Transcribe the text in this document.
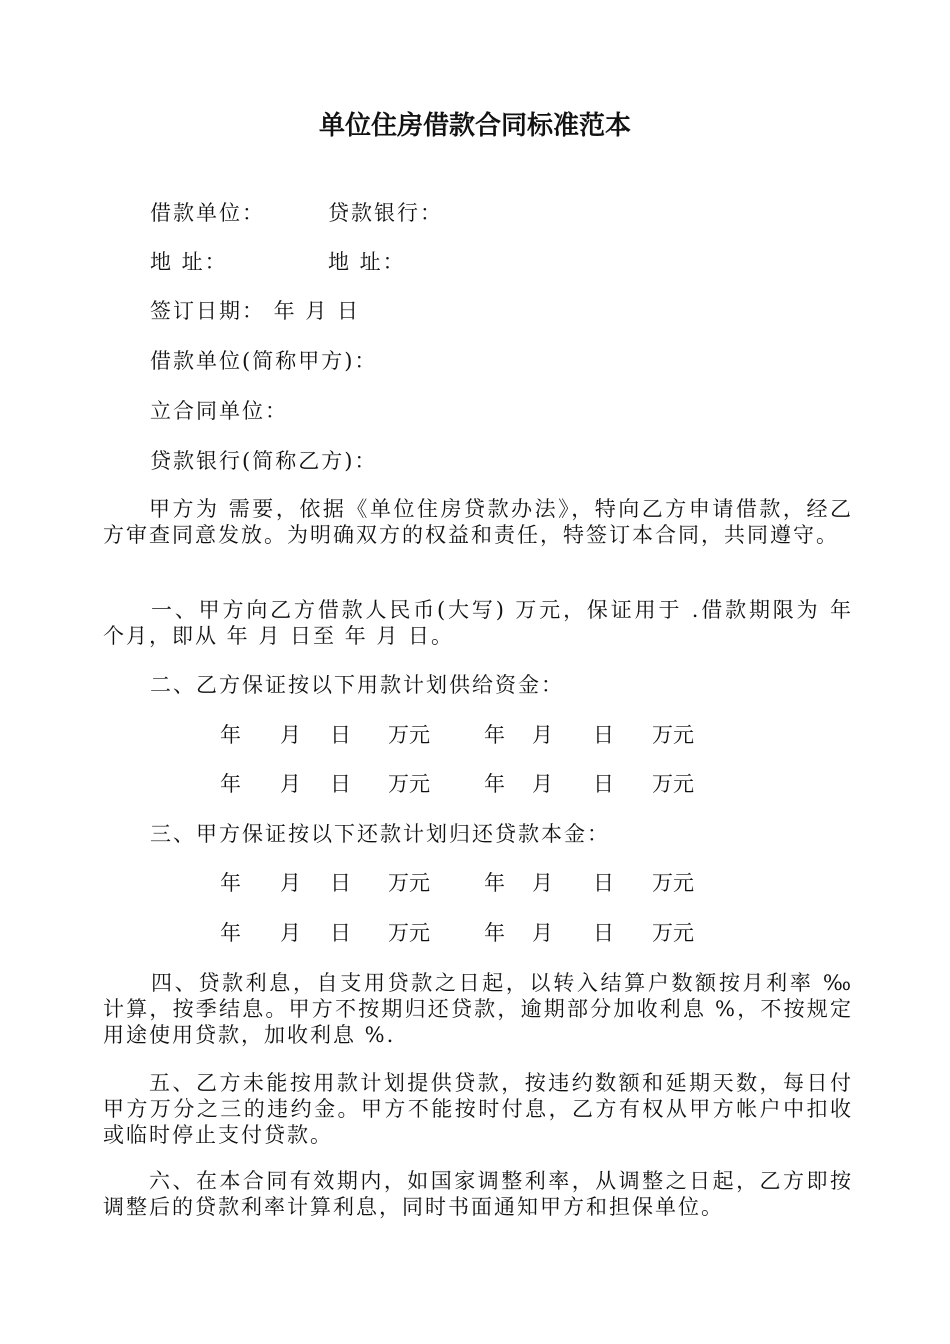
单位住房借款合同标准范本
借款单位：	贷款银行：
地 址：	地 址：
签订日期： 年 月 日
借款单位(简称甲方)：
立合同单位：
贷款银行(简称乙方)：
甲方为 需要，依据《单位住房贷款办法》，特向乙方申请借款，经乙方审查同意发放。为明确双方的权益和责任，特签订本合同，共同遵守。
一、甲方向乙方借款人民币(大写) 万元，保证用于 .借款期限为 年 个月，即从 年 月 日至 年 月 日。
二、乙方保证按以下用款计划供给资金：
年 月 日 万元	年 月 日 万元
年 月 日 万元	年 月 日 万元
三、甲方保证按以下还款计划归还贷款本金：
年 月 日 万元	年 月 日 万元
年 月 日 万元	年 月 日 万元
四、贷款利息，自支用贷款之日起，以转入结算户数额按月利率 ‰计算，按季结息。甲方不按期归还贷款，逾期部分加收利息 %，不按规定用途使用贷款，加收利息 %.
五、乙方未能按用款计划提供贷款，按违约数额和延期天数，每日付甲方万分之三的违约金。甲方不能按时付息，乙方有权从甲方帐户中扣收或临时停止支付贷款。
六、在本合同有效期内，如国家调整利率，从调整之日起，乙方即按调整后的贷款利率计算利息，同时书面通知甲方和担保单位。
